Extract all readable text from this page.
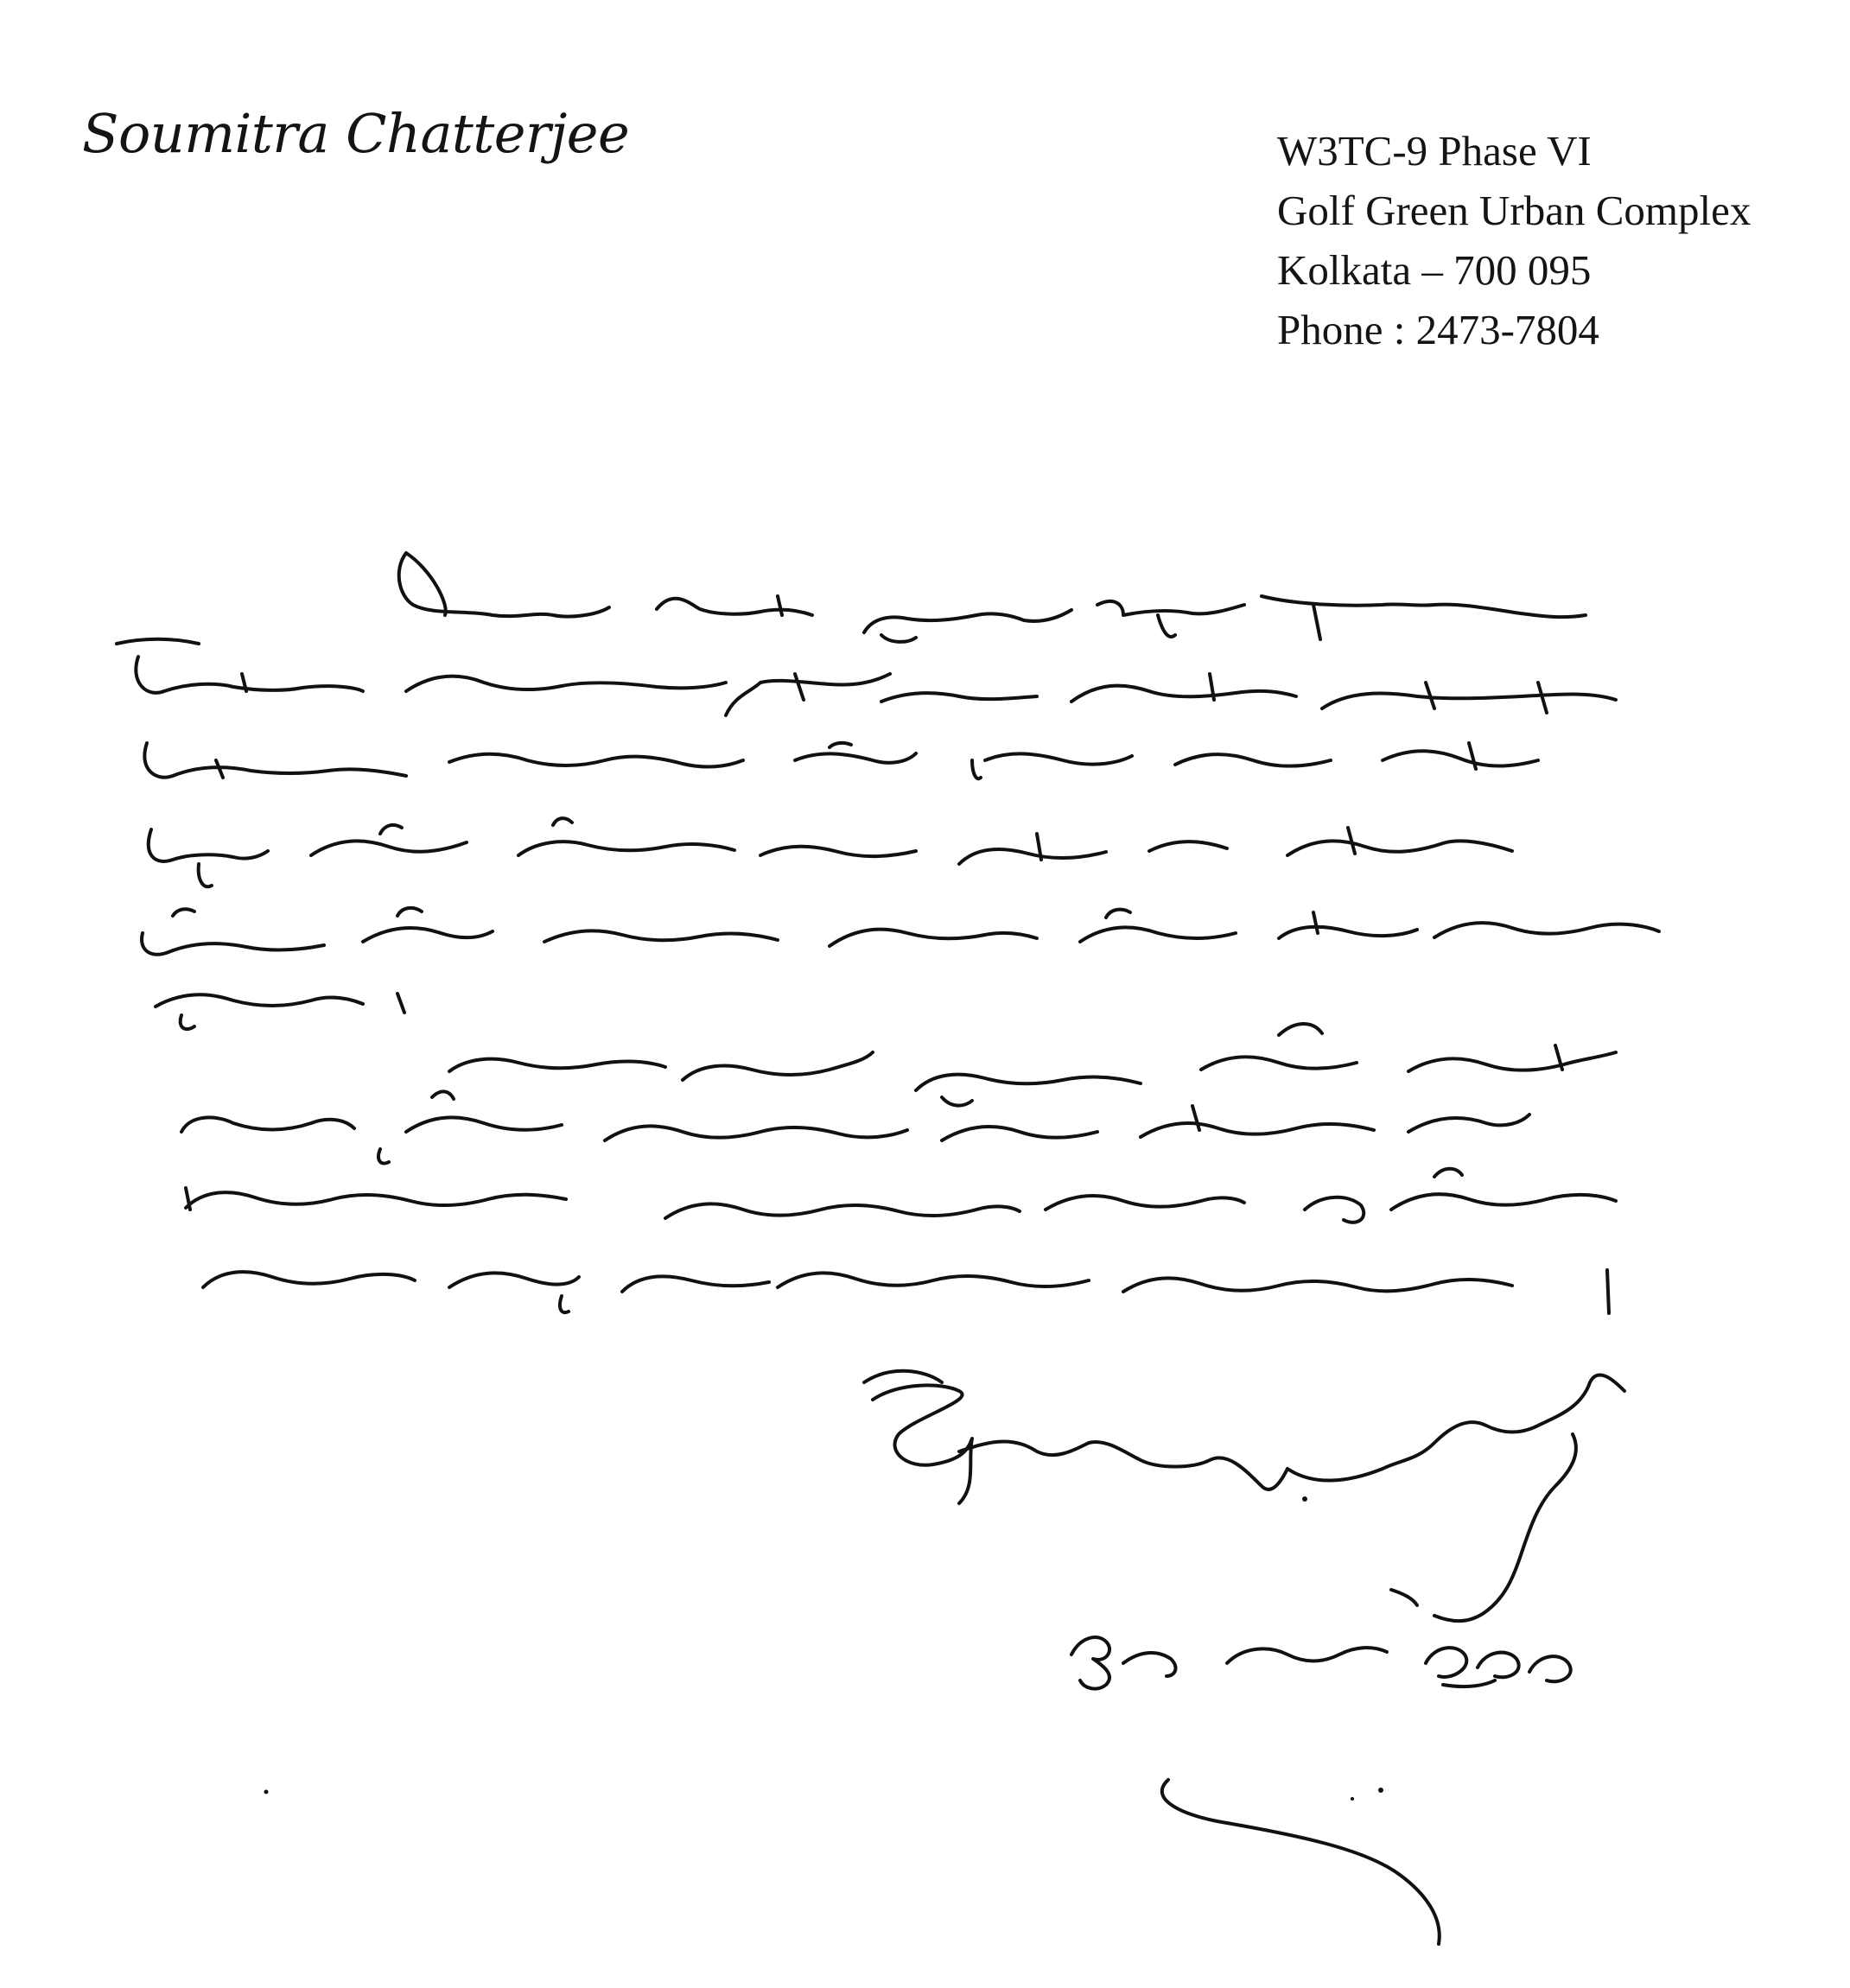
Soumitra Chatterjee	W3TC-9 Phase VI
Golf Green Urban Complex
Kolkata – 700 095
Phone : 2473-7804
